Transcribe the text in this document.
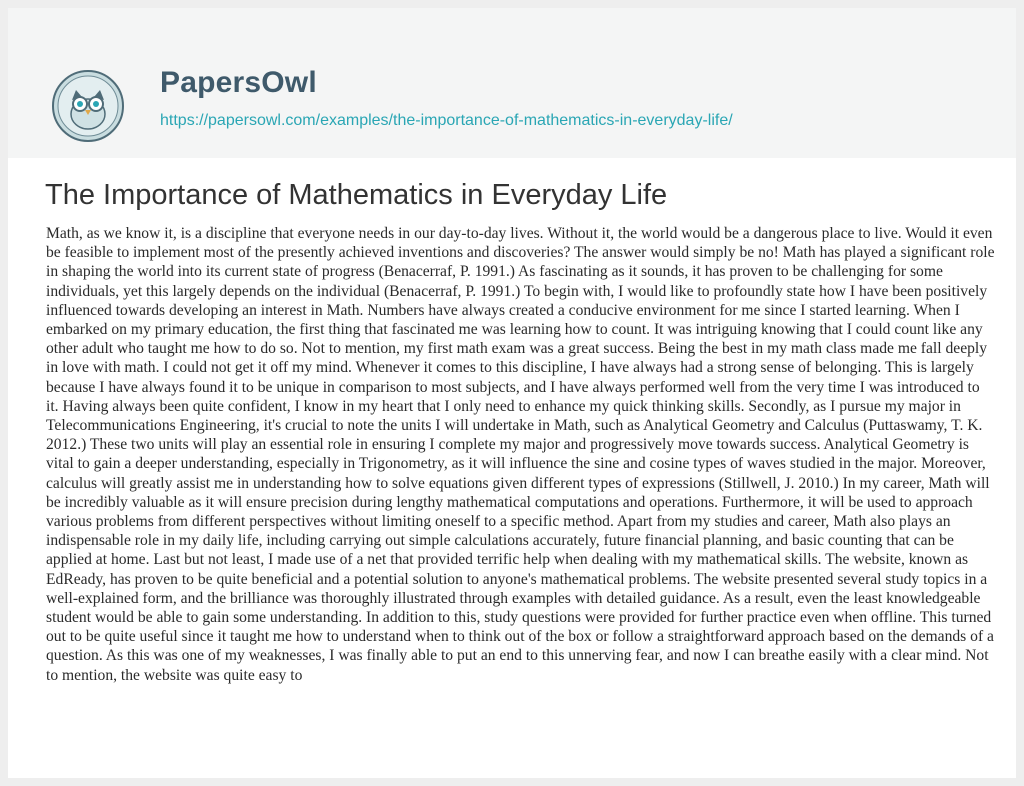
PapersOwl
https://papersowl.com/examples/the-importance-of-mathematics-in-everyday-life/
The Importance of Mathematics in Everyday Life

Math, as we know it, is a discipline that everyone needs in our day-to-day lives. Without it, the world would be a dangerous place to live. Would it even be feasible to implement most of the presently achieved inventions and discoveries? The answer would simply be no! Math has played a significant role in shaping the world into its current state of progress (Benacerraf, P. 1991.) As fascinating as it sounds, it has proven to be challenging for some individuals, yet this largely depends on the individual (Benacerraf, P. 1991.) To begin with, I would like to profoundly state how I have been positively influenced towards developing an interest in Math. Numbers have always created a conducive environment for me since I started learning. When I embarked on my primary education, the first thing that fascinated me was learning how to count. It was intriguing knowing that I could count like any other adult who taught me how to do so. Not to mention, my first math exam was a great success. Being the best in my math class made me fall deeply in love with math. I could not get it off my mind. Whenever it comes to this discipline, I have always had a strong sense of belonging. This is largely because I have always found it to be unique in comparison to most subjects, and I have always performed well from the very time I was introduced to it. Having always been quite confident, I know in my heart that I only need to enhance my quick thinking skills. Secondly, as I pursue my major in Telecommunications Engineering, it's crucial to note the units I will undertake in Math, such as Analytical Geometry and Calculus (Puttaswamy, T. K. 2012.) These two units will play an essential role in ensuring I complete my major and progressively move towards success. Analytical Geometry is vital to gain a deeper understanding, especially in Trigonometry, as it will influence the sine and cosine types of waves studied in the major. Moreover, calculus will greatly assist me in understanding how to solve equations given different types of expressions (Stillwell, J. 2010.) In my career, Math will be incredibly valuable as it will ensure precision during lengthy mathematical computations and operations. Furthermore, it will be used to approach various problems from different perspectives without limiting oneself to a specific method. Apart from my studies and career, Math also plays an indispensable role in my daily life, including carrying out simple calculations accurately, future financial planning, and basic counting that can be applied at home. Last but not least, I made use of a net that provided terrific help when dealing with my mathematical skills. The website, known as EdReady, has proven to be quite beneficial and a potential solution to anyone's mathematical problems. The website presented several study topics in a well-explained form, and the brilliance was thoroughly illustrated through examples with detailed guidance. As a result, even the least knowledgeable student would be able to gain some understanding. In addition to this, study questions were provided for further practice even when offline. This turned out to be quite useful since it taught me how to understand when to think out of the box or follow a straightforward approach based on the demands of a question. As this was one of my weaknesses, I was finally able to put an end to this unnerving fear, and now I can breathe easily with a clear mind. Not to mention, the website was quite easy to
